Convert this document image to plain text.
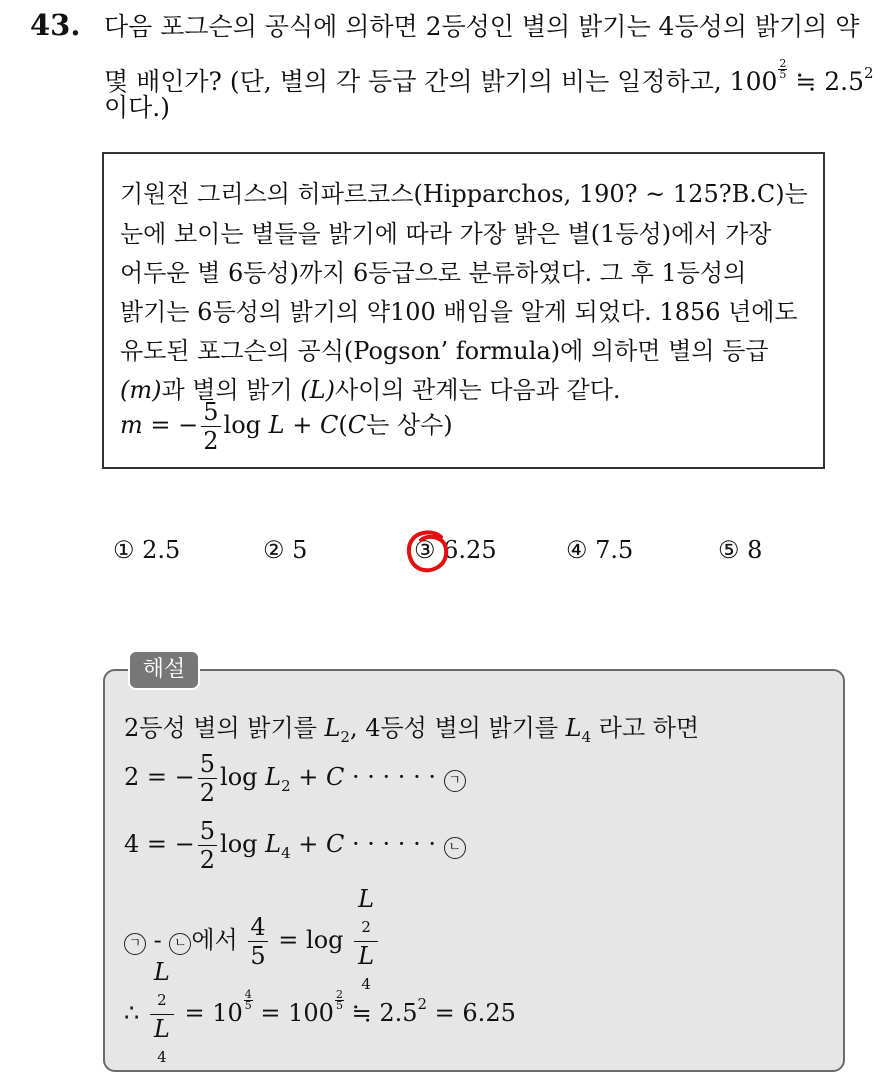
43. 다음 포그슨의 공식에 의하면 2등성인 별의 밝기는 4등성의 밝기의 약
몇 배인가? (단, 별의 각 등급 간의 밝기의 비는 일정하고, $100 \frac{2}{5}$ ≒ $2.5^2$
이다.)
기원전 그리스의 히파르코스(Hipparchos, 190? ~ 125?B.C)는
눈에 보이는 별들을 밝기에 따라 가장 밝은 별(1등성)에서 가장
어두운 별 6등성)까지 6등급으로 분류하였다. 그 후 1등성의
밝기는 6등성의 밝기의 약100 배임을 알게 되었다. 1856 년에도
유도된 포그슨의 공식(Pogson’ formula)에 의하면 별의 등급
(m)과 별의 밝기 (L)사이의 관계는 다음과 같다.
m = − $\frac{5}{2}$ log L + C(C는 상수)
① 2.5	② 5	③ 6.25	④ 7.5	⑤ 8
해설
2등성 별의 밝기를 $L_2$, 4등성 별의 밝기를 $L_4$ 라고 하면
2 = − $\frac{5}{2}$ $\log L_2 + C$ · · · · · · ㄱ
4 = − $\frac{5}{2}$ $\log L_4 + C$ · · · · · · ㄴ
ㄱ - ㄴ 에서 $\frac{4}{5} = \log L$
2
L
4
∴ L
2
L
$4 = 10 \frac{4}{5} = 100 \frac{2}{5}$ ≒ $2.5^2 = 6.25$
